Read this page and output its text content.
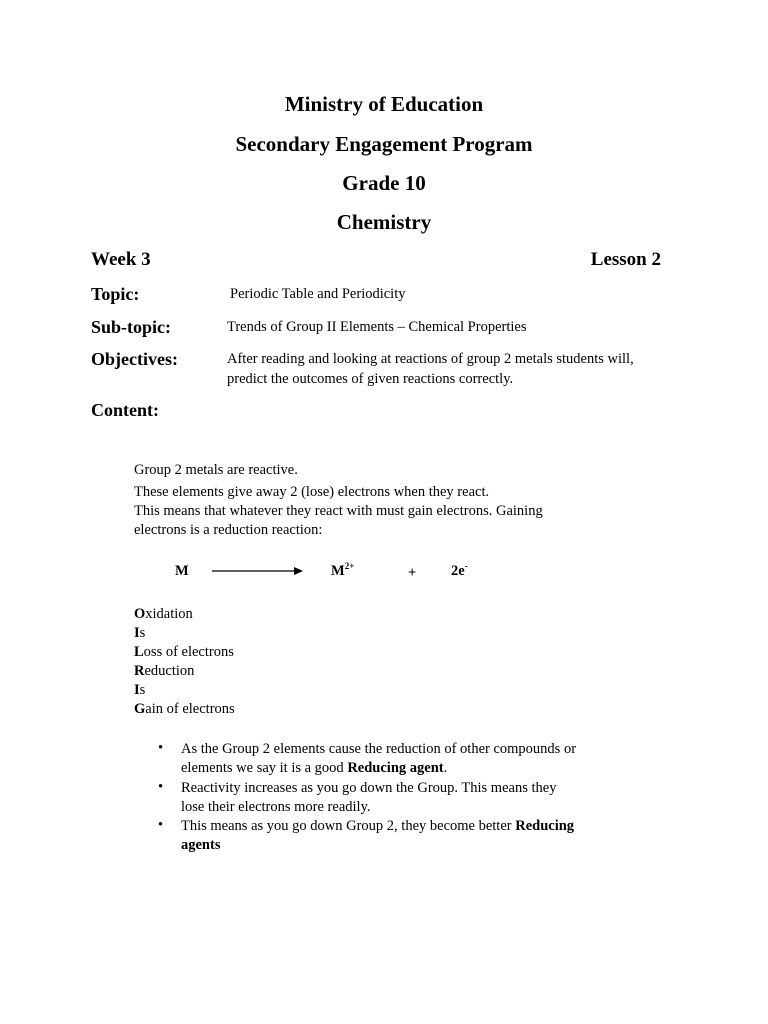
Ministry of Education
Secondary Engagement Program
Grade 10
Chemistry
Week 3	Lesson 2
Topic:	Periodic Table and Periodicity
Sub-topic:	Trends of Group II Elements – Chemical Properties
Objectives:	After reading and looking at reactions of group 2 metals students will,
predict the outcomes of given reactions correctly.
Content:
Group 2 metals are reactive.
These elements give away 2 (lose) electrons when they react.
This means that whatever they react with must gain electrons. Gaining
electrons is a reduction reaction:
M	$M^{2+}$	+ 2e-
Oxidation
Is
Loss of electrons
Reduction
Is
Gain of electrons
• As the Group 2 elements cause the reduction of other compounds or
elements we say it is a good Reducing agent.
• Reactivity increases as you go down the Group. This means they
lose their electrons more readily.
• This means as you go down Group 2, they become better Reducing
agents
